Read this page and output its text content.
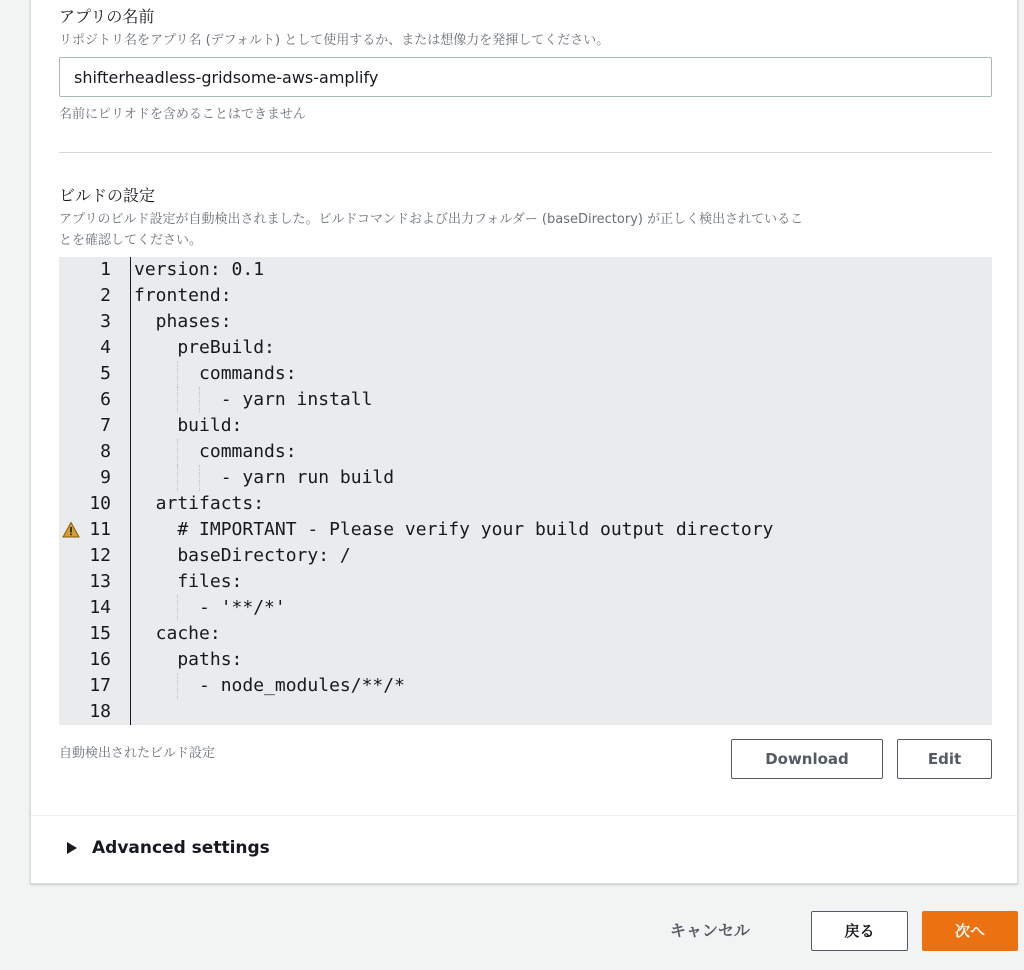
アプリの名前
リポジトリ名をアプリ名 (デフォルト) として使用するか、または想像力を発揮してください。
shifterheadless-gridsome-aws-amplify
名前にピリオドを含めることはできません
ビルドの設定
アプリのビルド設定が自動検出されました。ビルドコマンドおよび出力フォルダー (baseDirectory) が正しく検出されているこ
とを確認してください。
1 version: 0.1
2 frontend:
3 phases:
4 preBuild:
5 commands:
6 - yarn install
7 build:
8 commands:
9 - yarn run build
10 artifacts:
11 # IMPORTANT - Please verify your build output directory
12 baseDirectory: /
13 files:
14 - '**/*'
15 cache:
16 paths:
17 - node_modules/**/*
18
自動検出されたビルド設定	Download	Edit
Advanced settings
キャンセル	戻る	次へ
